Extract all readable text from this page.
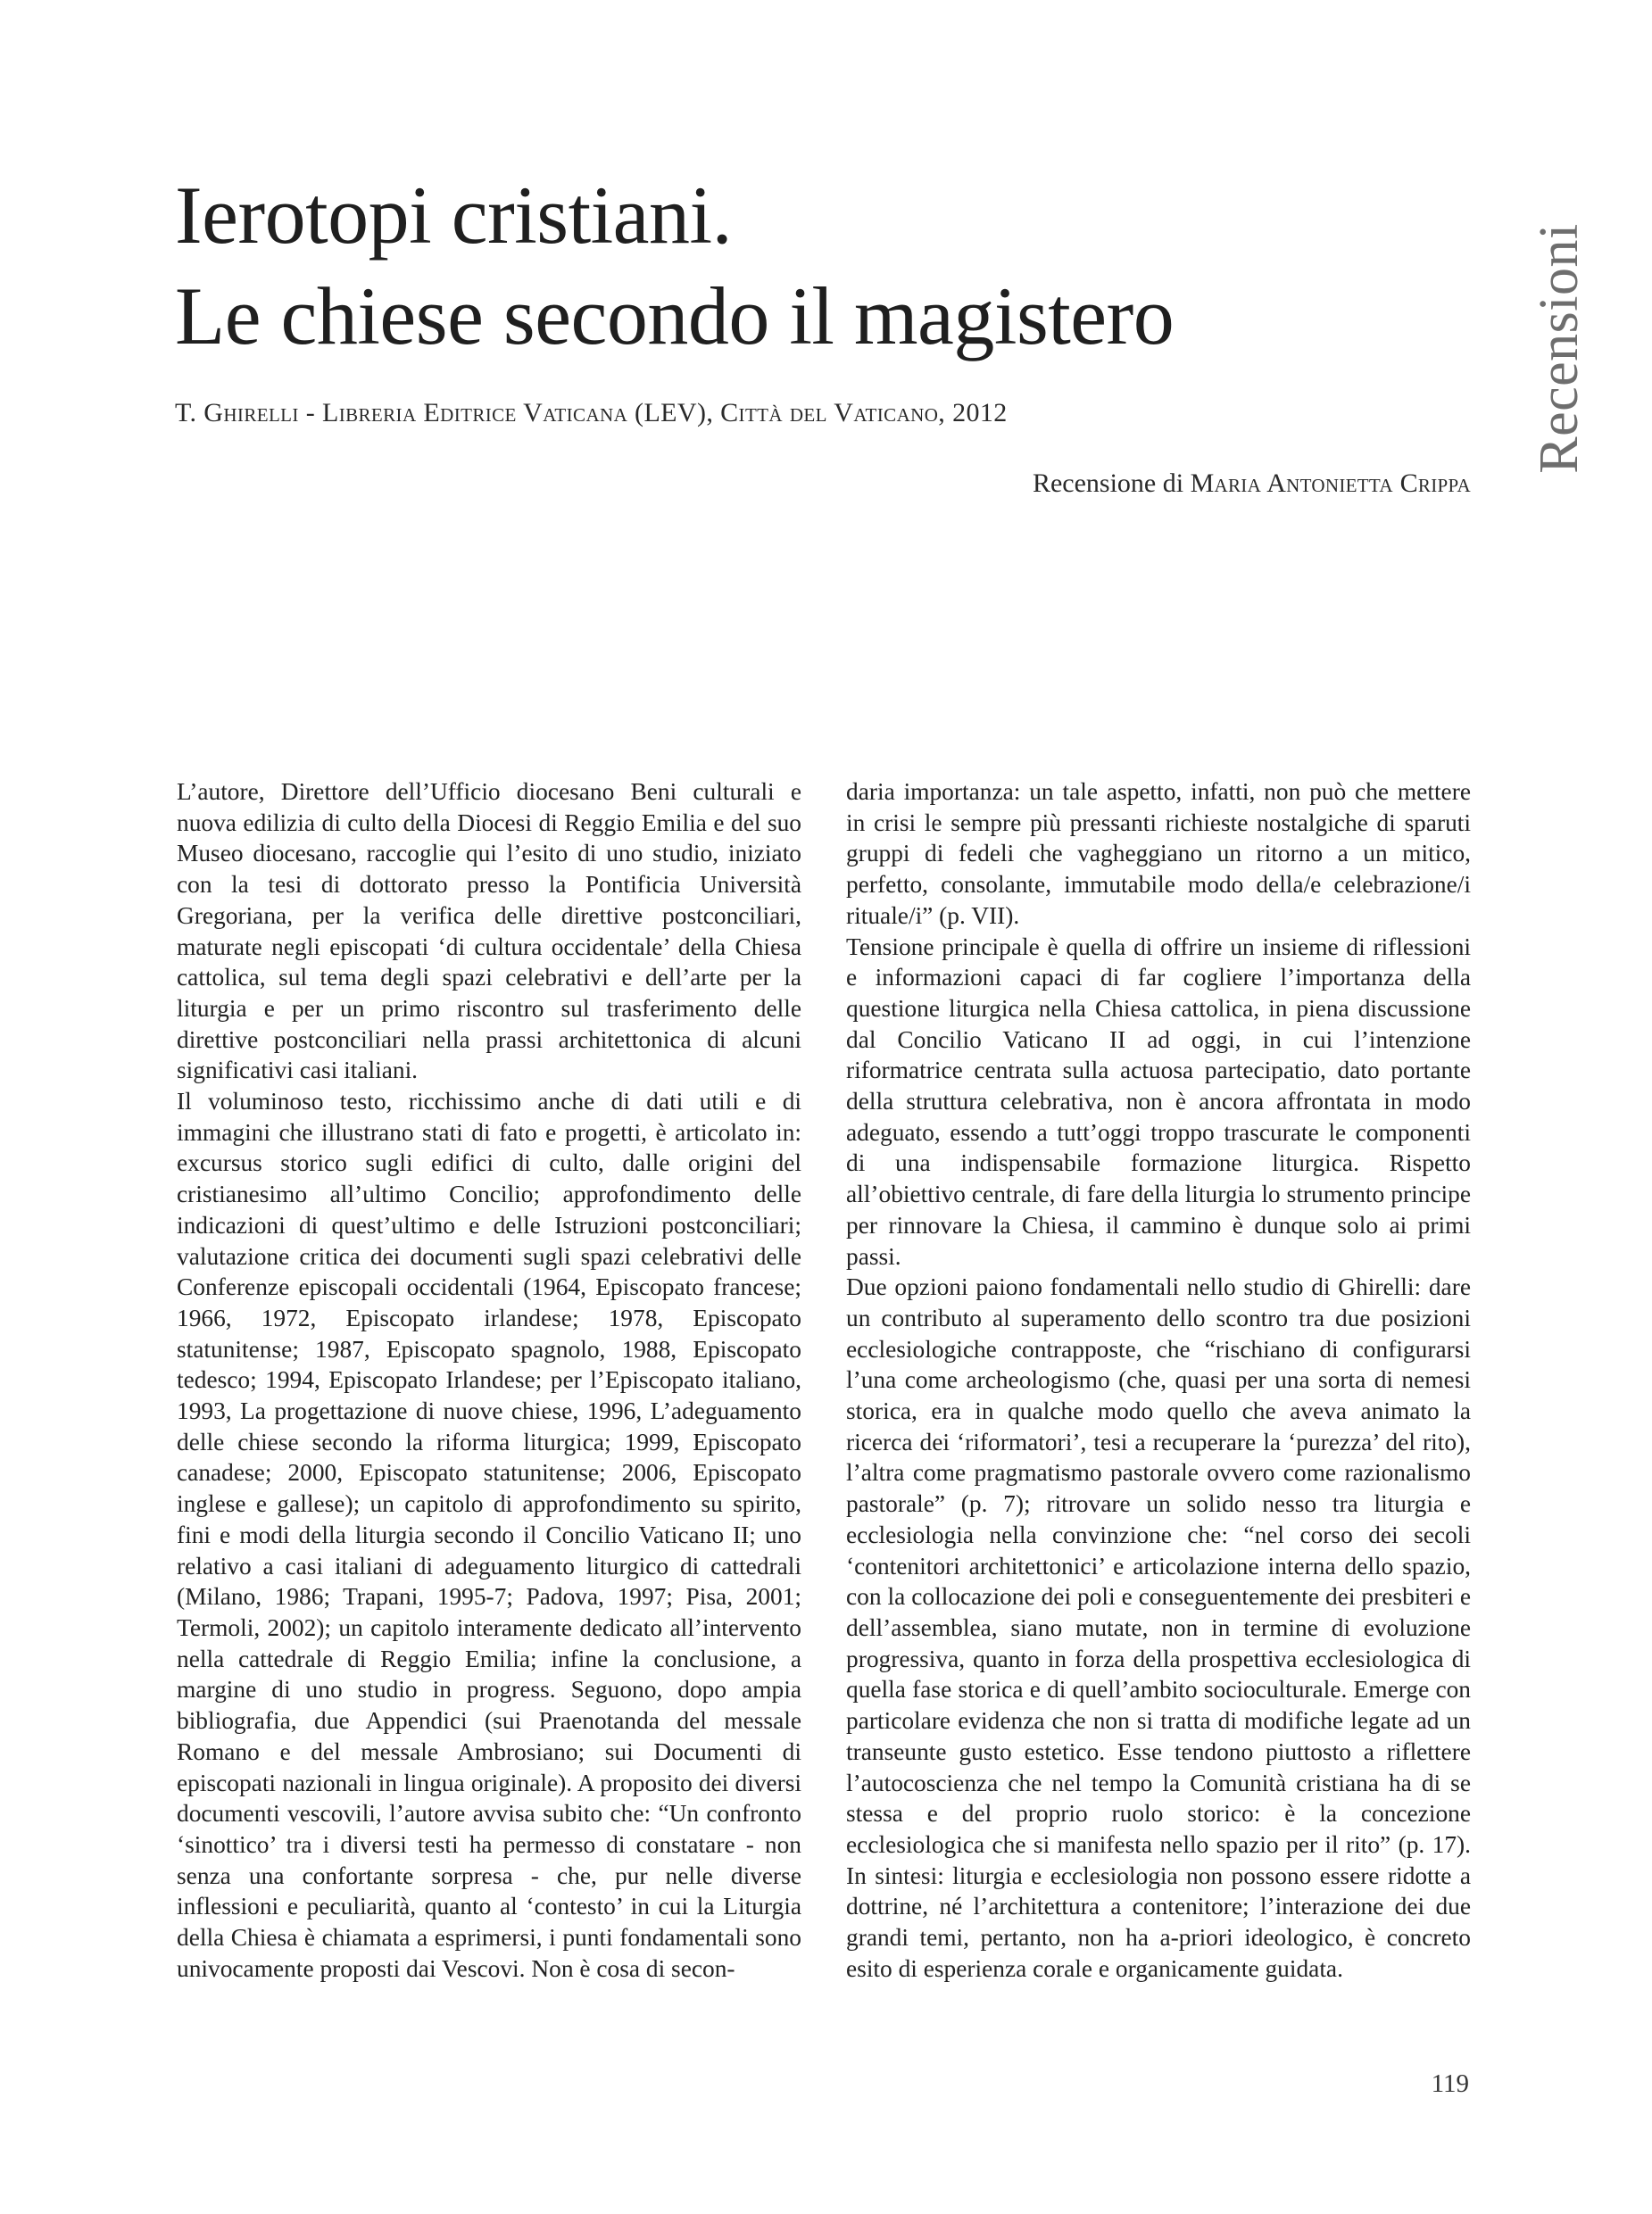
Ierotopi cristiani.
Le chiese secondo il magistero
T. Ghirelli - Libreria Editrice Vaticana (LEV), Città del Vaticano, 2012
Recensione di Maria Antonietta Crippa
Recensioni

L’autore, Direttore dell’Ufficio diocesano Beni culturali e nuova edilizia di culto della Diocesi di Reggio Emilia e del suo Museo diocesano, raccoglie qui l’esito di uno studio, iniziato con la tesi di dottorato presso la Pontificia Università Gregoriana, per la verifica delle direttive postconciliari, maturate negli episcopati ‘di cultura occidentale’ della Chiesa cattolica, sul tema degli spazi celebrativi e dell’arte per la liturgia e per un primo riscontro sul trasferimento delle direttive postconciliari nella prassi architettonica di alcuni significativi casi italiani.

Il voluminoso testo, ricchissimo anche di dati utili e di immagini che illustrano stati di fato e progetti, è articolato in: excursus storico sugli edifici di culto, dalle origini del cristianesimo all’ultimo Concilio; approfondimento delle indicazioni di quest’ultimo e delle Istruzioni postconciliari; valutazione critica dei documenti sugli spazi celebrativi delle Conferenze episcopali occidentali (1964, Episcopato francese; 1966, 1972, Episcopato irlandese; 1978, Episcopato statunitense; 1987, Episcopato spagnolo, 1988, Episcopato tedesco; 1994, Episcopato Irlandese; per l’Episcopato italiano, 1993, La progettazione di nuove chiese, 1996, L’adeguamento delle chiese secondo la riforma liturgica; 1999, Episcopato canadese; 2000, Episcopato statunitense; 2006, Episcopato inglese e gallese); un capitolo di approfondimento su spirito, fini e modi della liturgia secondo il Concilio Vaticano II; uno relativo a casi italiani di adeguamento liturgico di cattedrali (Milano, 1986; Trapani, 1995-7; Padova, 1997; Pisa, 2001; Termoli, 2002); un capitolo interamente dedicato all’intervento nella cattedrale di Reggio Emilia; infine la conclusione, a margine di uno studio in progress. Seguono, dopo ampia bibliografia, due Appendici (sui Praenotanda del messale Romano e del messale Ambrosiano; sui Documenti di episcopati nazionali in lingua originale). A proposito dei diversi documenti vescovili, l’autore avvisa subito che: “Un confronto ‘sinottico’ tra i diversi testi ha permesso di constatare - non senza una confortante sorpresa - che, pur nelle diverse inflessioni e peculiarità, quanto al ‘contesto’ in cui la Liturgia della Chiesa è chiamata a esprimersi, i punti fondamentali sono univocamente proposti dai Vescovi. Non è cosa di secon-

daria importanza: un tale aspetto, infatti, non può che mettere in crisi le sempre più pressanti richieste nostalgiche di sparuti gruppi di fedeli che vagheggiano un ritorno a un mitico, perfetto, consolante, immutabile modo della/e celebrazione/i rituale/i” (p. VII).

Tensione principale è quella di offrire un insieme di riflessioni e informazioni capaci di far cogliere l’importanza della questione liturgica nella Chiesa cattolica, in piena discussione dal Concilio Vaticano II ad oggi, in cui l’intenzione riformatrice centrata sulla actuosa partecipatio, dato portante della struttura celebrativa, non è ancora affrontata in modo adeguato, essendo a tutt’oggi troppo trascurate le componenti di una indispensabile formazione liturgica. Rispetto all’obiettivo centrale, di fare della liturgia lo strumento principe per rinnovare la Chiesa, il cammino è dunque solo ai primi passi.

Due opzioni paiono fondamentali nello studio di Ghirelli: dare un contributo al superamento dello scontro tra due posizioni ecclesiologiche contrapposte, che “rischiano di configurarsi l’una come archeologismo (che, quasi per una sorta di nemesi storica, era in qualche modo quello che aveva animato la ricerca dei ‘riformatori’, tesi a recuperare la ‘purezza’ del rito), l’altra come pragmatismo pastorale ovvero come razionalismo pastorale” (p. 7); ritrovare un solido nesso tra liturgia e ecclesiologia nella convinzione che: “nel corso dei secoli ‘contenitori architettonici’ e articolazione interna dello spazio, con la collocazione dei poli e conseguentemente dei presbiteri e dell’assemblea, siano mutate, non in termine di evoluzione progressiva, quanto in forza della prospettiva ecclesiologica di quella fase storica e di quell’ambito socioculturale. Emerge con particolare evidenza che non si tratta di modifiche legate ad un transeunte gusto estetico. Esse tendono piuttosto a riflettere l’autocoscienza che nel tempo la Comunità cristiana ha di se stessa e del proprio ruolo storico: è la concezione ecclesiologica che si manifesta nello spazio per il rito” (p. 17). In sintesi: liturgia e ecclesiologia non possono essere ridotte a dottrine, né l’architettura a contenitore; l’interazione dei due grandi temi, pertanto, non ha a-priori ideologico, è concreto esito di esperienza corale e organicamente guidata.

119
